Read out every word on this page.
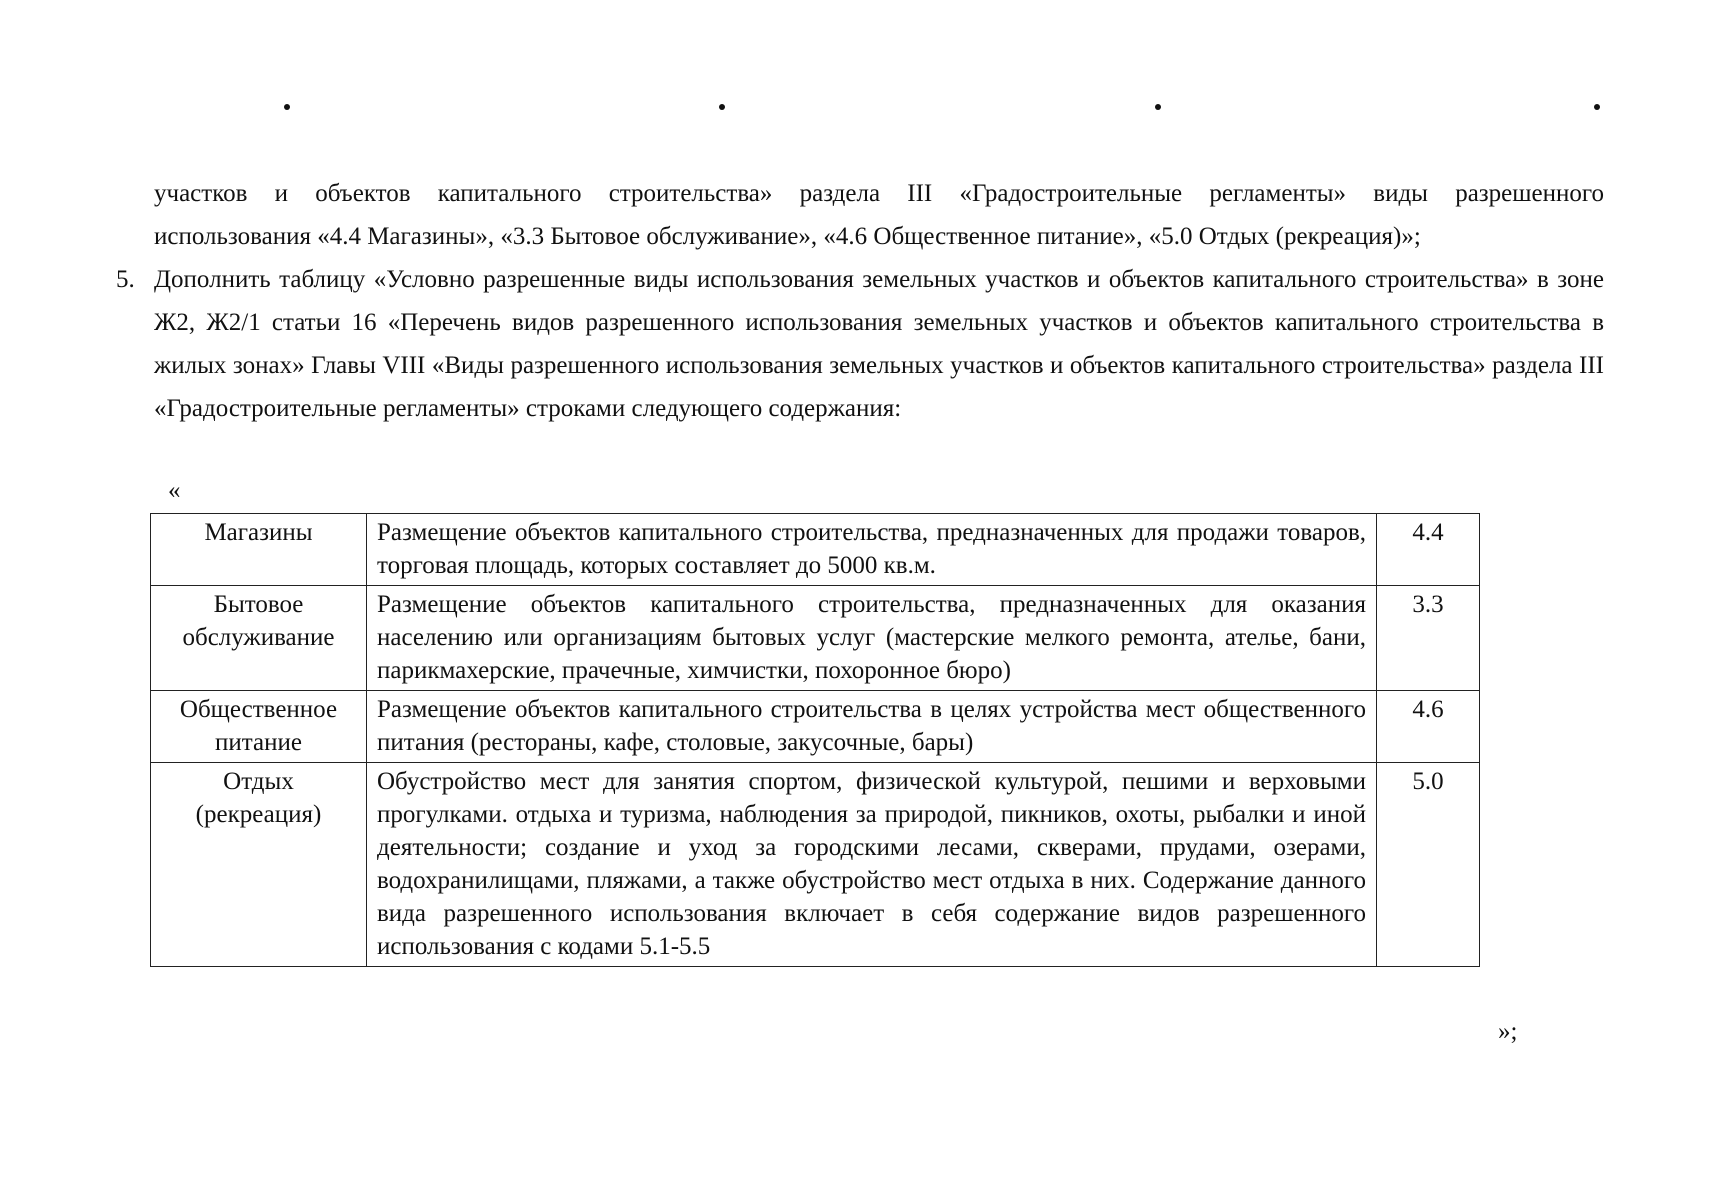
участков и объектов капитального строительства» раздела III «Градостроительные регламенты» виды разрешенного

использования «4.4 Магазины», «3.3 Бытовое обслуживание», «4.6 Общественное питание», «5.0 Отдых (рекреация)»;

5. Дополнить таблицу «Условно разрешенные виды использования земельных участков и объектов капитального строительства» в зоне Ж2, Ж2/1 статьи 16 «Перечень видов разрешенного использования земельных участков и объектов капитального строительства в жилых зонах» Главы VIII «Виды разрешенного использования земельных участков и объектов капитального строительства» раздела III «Градостроительные регламенты» строками следующего содержания:

«
Магазины	Размещение объектов капитального строительства, предназначенных для продажи товаров, торговая площадь, которых составляет до 5000 кв.м.	4.4
Бытовое обслуживание	Размещение объектов капитального строительства, предназначенных для оказания населению или организациям бытовых услуг (мастерские мелкого ремонта, ателье, бани, парикмахерские, прачечные, химчистки, похоронное бюро)	3.3
Общественное питание	Размещение объектов капитального строительства в целях устройства мест общественного питания (рестораны, кафе, столовые, закусочные, бары)	4.6
Отдых (рекреация)	Обустройство мест для занятия спортом, физической культурой, пешими и верховыми прогулками. отдыха и туризма, наблюдения за природой, пикников, охоты, рыбалки и иной деятельности; создание и уход за городскими лесами, скверами, прудами, озерами, водохранилищами, пляжами, а также обустройство мест отдыха в них. Содержание данного вида разрешенного использования включает в себя содержание видов разрешенного использования с кодами 5.1-5.5	5.0
»;
